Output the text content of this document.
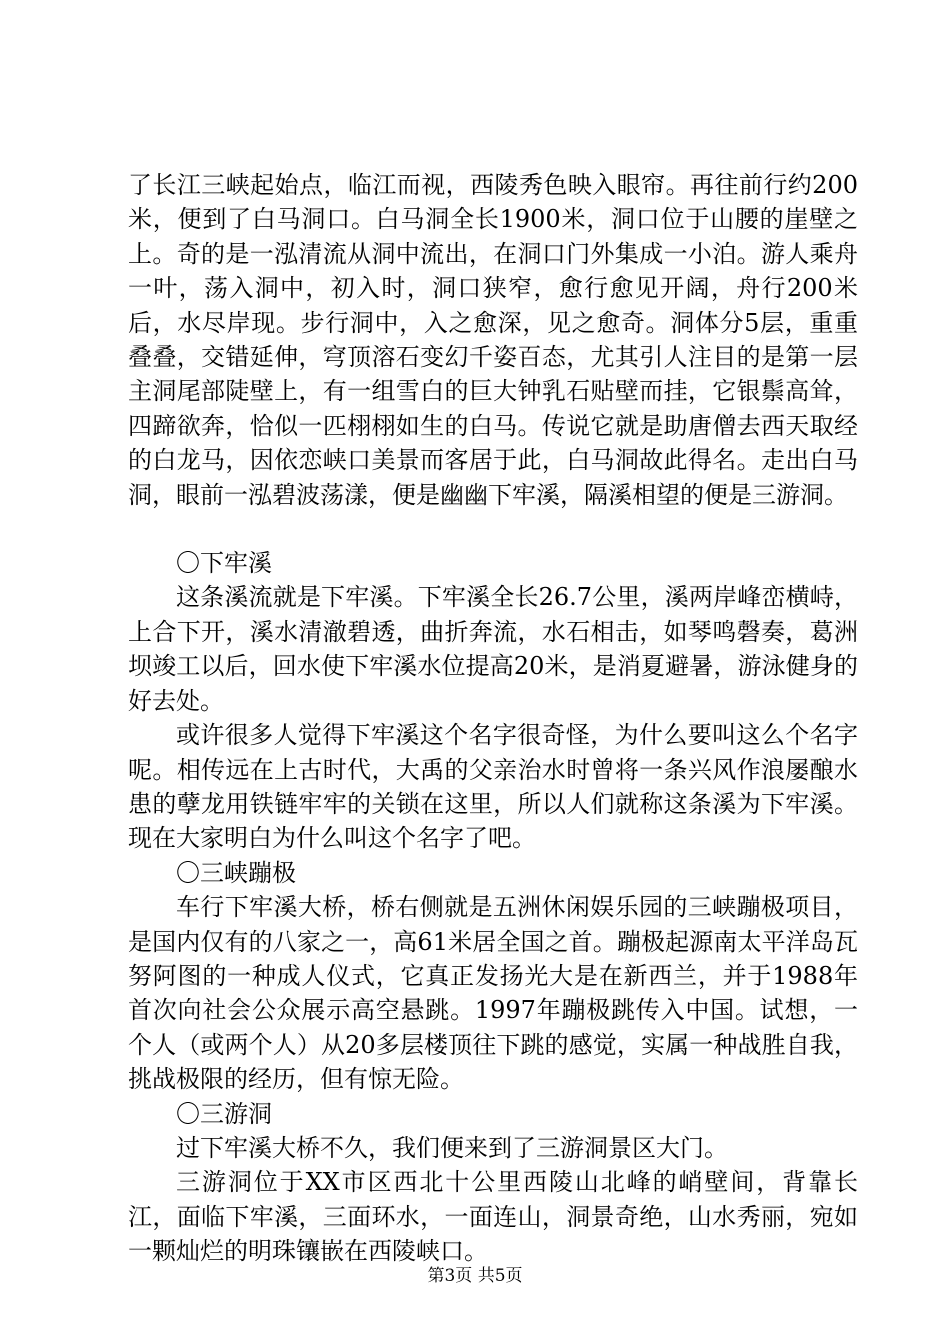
了长江三峡起始点，临江而视，西陵秀色映入眼帘。再往前行约200米，便到了白马洞口。白马洞全长1900米，洞口位于山腰的崖壁之上。奇的是一泓清流从洞中流出，在洞口门外集成一小泊。游人乘舟一叶，荡入洞中，初入时，洞口狭窄，愈行愈见开阔，舟行200米后，水尽岸现。步行洞中，入之愈深，见之愈奇。洞体分5层，重重叠叠，交错延伸，穹顶溶石变幻千姿百态，尤其引人注目的是第一层主洞尾部陡壁上，有一组雪白的巨大钟乳石贴壁而挂，它银鬃高耸，四蹄欲奔，恰似一匹栩栩如生的白马。传说它就是助唐僧去西天取经的白龙马，因依恋峡口美景而客居于此，白马洞故此得名。走出白马洞，眼前一泓碧波荡漾，便是幽幽下牢溪，隔溪相望的便是三游洞。

〇下牢溪

这条溪流就是下牢溪。下牢溪全长26.7公里，溪两岸峰峦横峙，上合下开，溪水清澈碧透，曲折奔流，水石相击，如琴鸣磬奏，葛洲坝竣工以后，回水使下牢溪水位提高20米，是消夏避暑，游泳健身的好去处。

或许很多人觉得下牢溪这个名字很奇怪，为什么要叫这么个名字呢。相传远在上古时代，大禹的父亲治水时曾将一条兴风作浪屡酿水患的孽龙用铁链牢牢的关锁在这里，所以人们就称这条溪为下牢溪。现在大家明白为什么叫这个名字了吧。

〇三峡蹦极

车行下牢溪大桥，桥右侧就是五洲休闲娱乐园的三峡蹦极项目，是国内仅有的八家之一，高61米居全国之首。蹦极起源南太平洋岛瓦努阿图的一种成人仪式，它真正发扬光大是在新西兰，并于1988年首次向社会公众展示高空悬跳。1997年蹦极跳传入中国。试想，一个人（或两个人）从20多层楼顶往下跳的感觉，实属一种战胜自我，挑战极限的经历，但有惊无险。

〇三游洞

过下牢溪大桥不久，我们便来到了三游洞景区大门。

三游洞位于XX市区西北十公里西陵山北峰的峭壁间，背靠长江，面临下牢溪，三面环水，一面连山，洞景奇绝，山水秀丽，宛如一颗灿烂的明珠镶嵌在西陵峡口。

第3页 共5页
